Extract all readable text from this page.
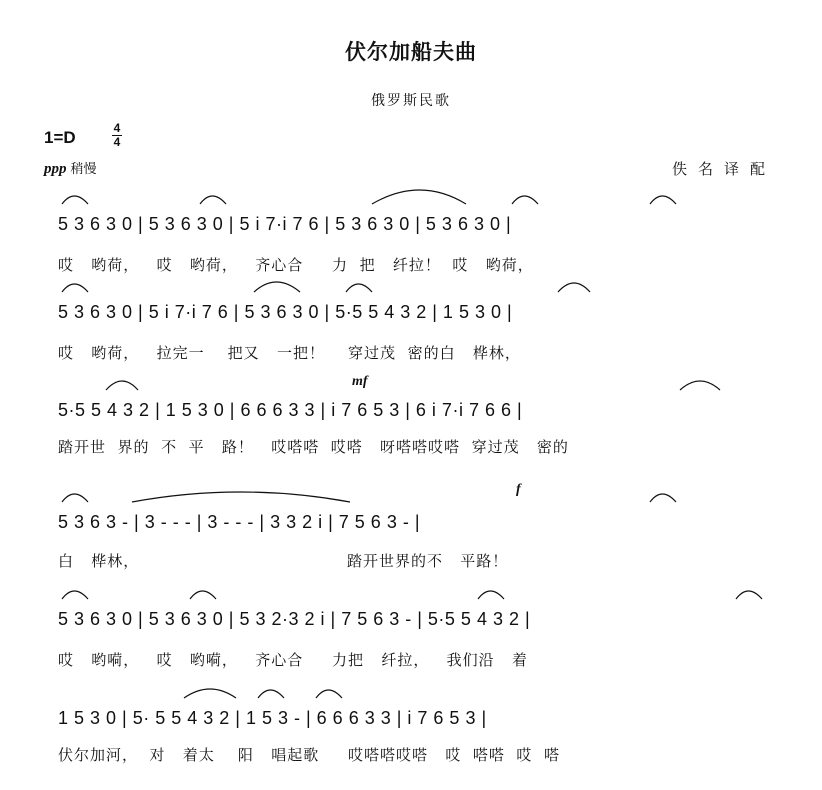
伏尔加船夫曲
俄罗斯民歌
1=D	4
4
ppp 稍慢	佚名译配
5 3 6 3 0 | 5 3 6 3 0 | 5 i 7·i 7 6 | 5 3 6 3 0 | 5 3 6 3 0 |
哎   哟荷，   哎   哟荷，   齐心合     力  把   纤拉！  哎   哟荷，
5 3 6 3 0 | 5 i 7·i 7 6 | 5 3 6 3 0 | 5·5 5 4 3 2 | 1 5 3 0 |
哎   哟荷，   拉完一    把又   一把！    穿过茂  密的白   桦林，
mf
5·5 5 4 3 2 | 1 5 3 0 | 6 6 6 3 3 | i 7 6 5 3 | 6 i 7·i 7 6 6 |
踏开世  界的  不  平   路！   哎嗒嗒  哎嗒   呀嗒嗒哎嗒  穿过茂   密的
f
5 3 6 3 - | 3 - - - | 3 - - - | 3 3 2 i | 7 5 6 3 - |
白   桦林，                                    踏开世界的不   平路！
5 3 6 3 0 | 5 3 6 3 0 | 5 3 2·3 2 i | 7 5 6 3 - | 5·5 5 4 3 2 |
哎   哟嗬，   哎   哟嗬，   齐心合     力把   纤拉，   我们沿   着
1 5 3 0 | 5· 5 5 4 3 2 | 1 5 3 - | 6 6 6 3 3 | i 7 6 5 3 |
伏尔加河，  对   着太    阳   唱起歌     哎嗒嗒哎嗒   哎  嗒嗒  哎  嗒
